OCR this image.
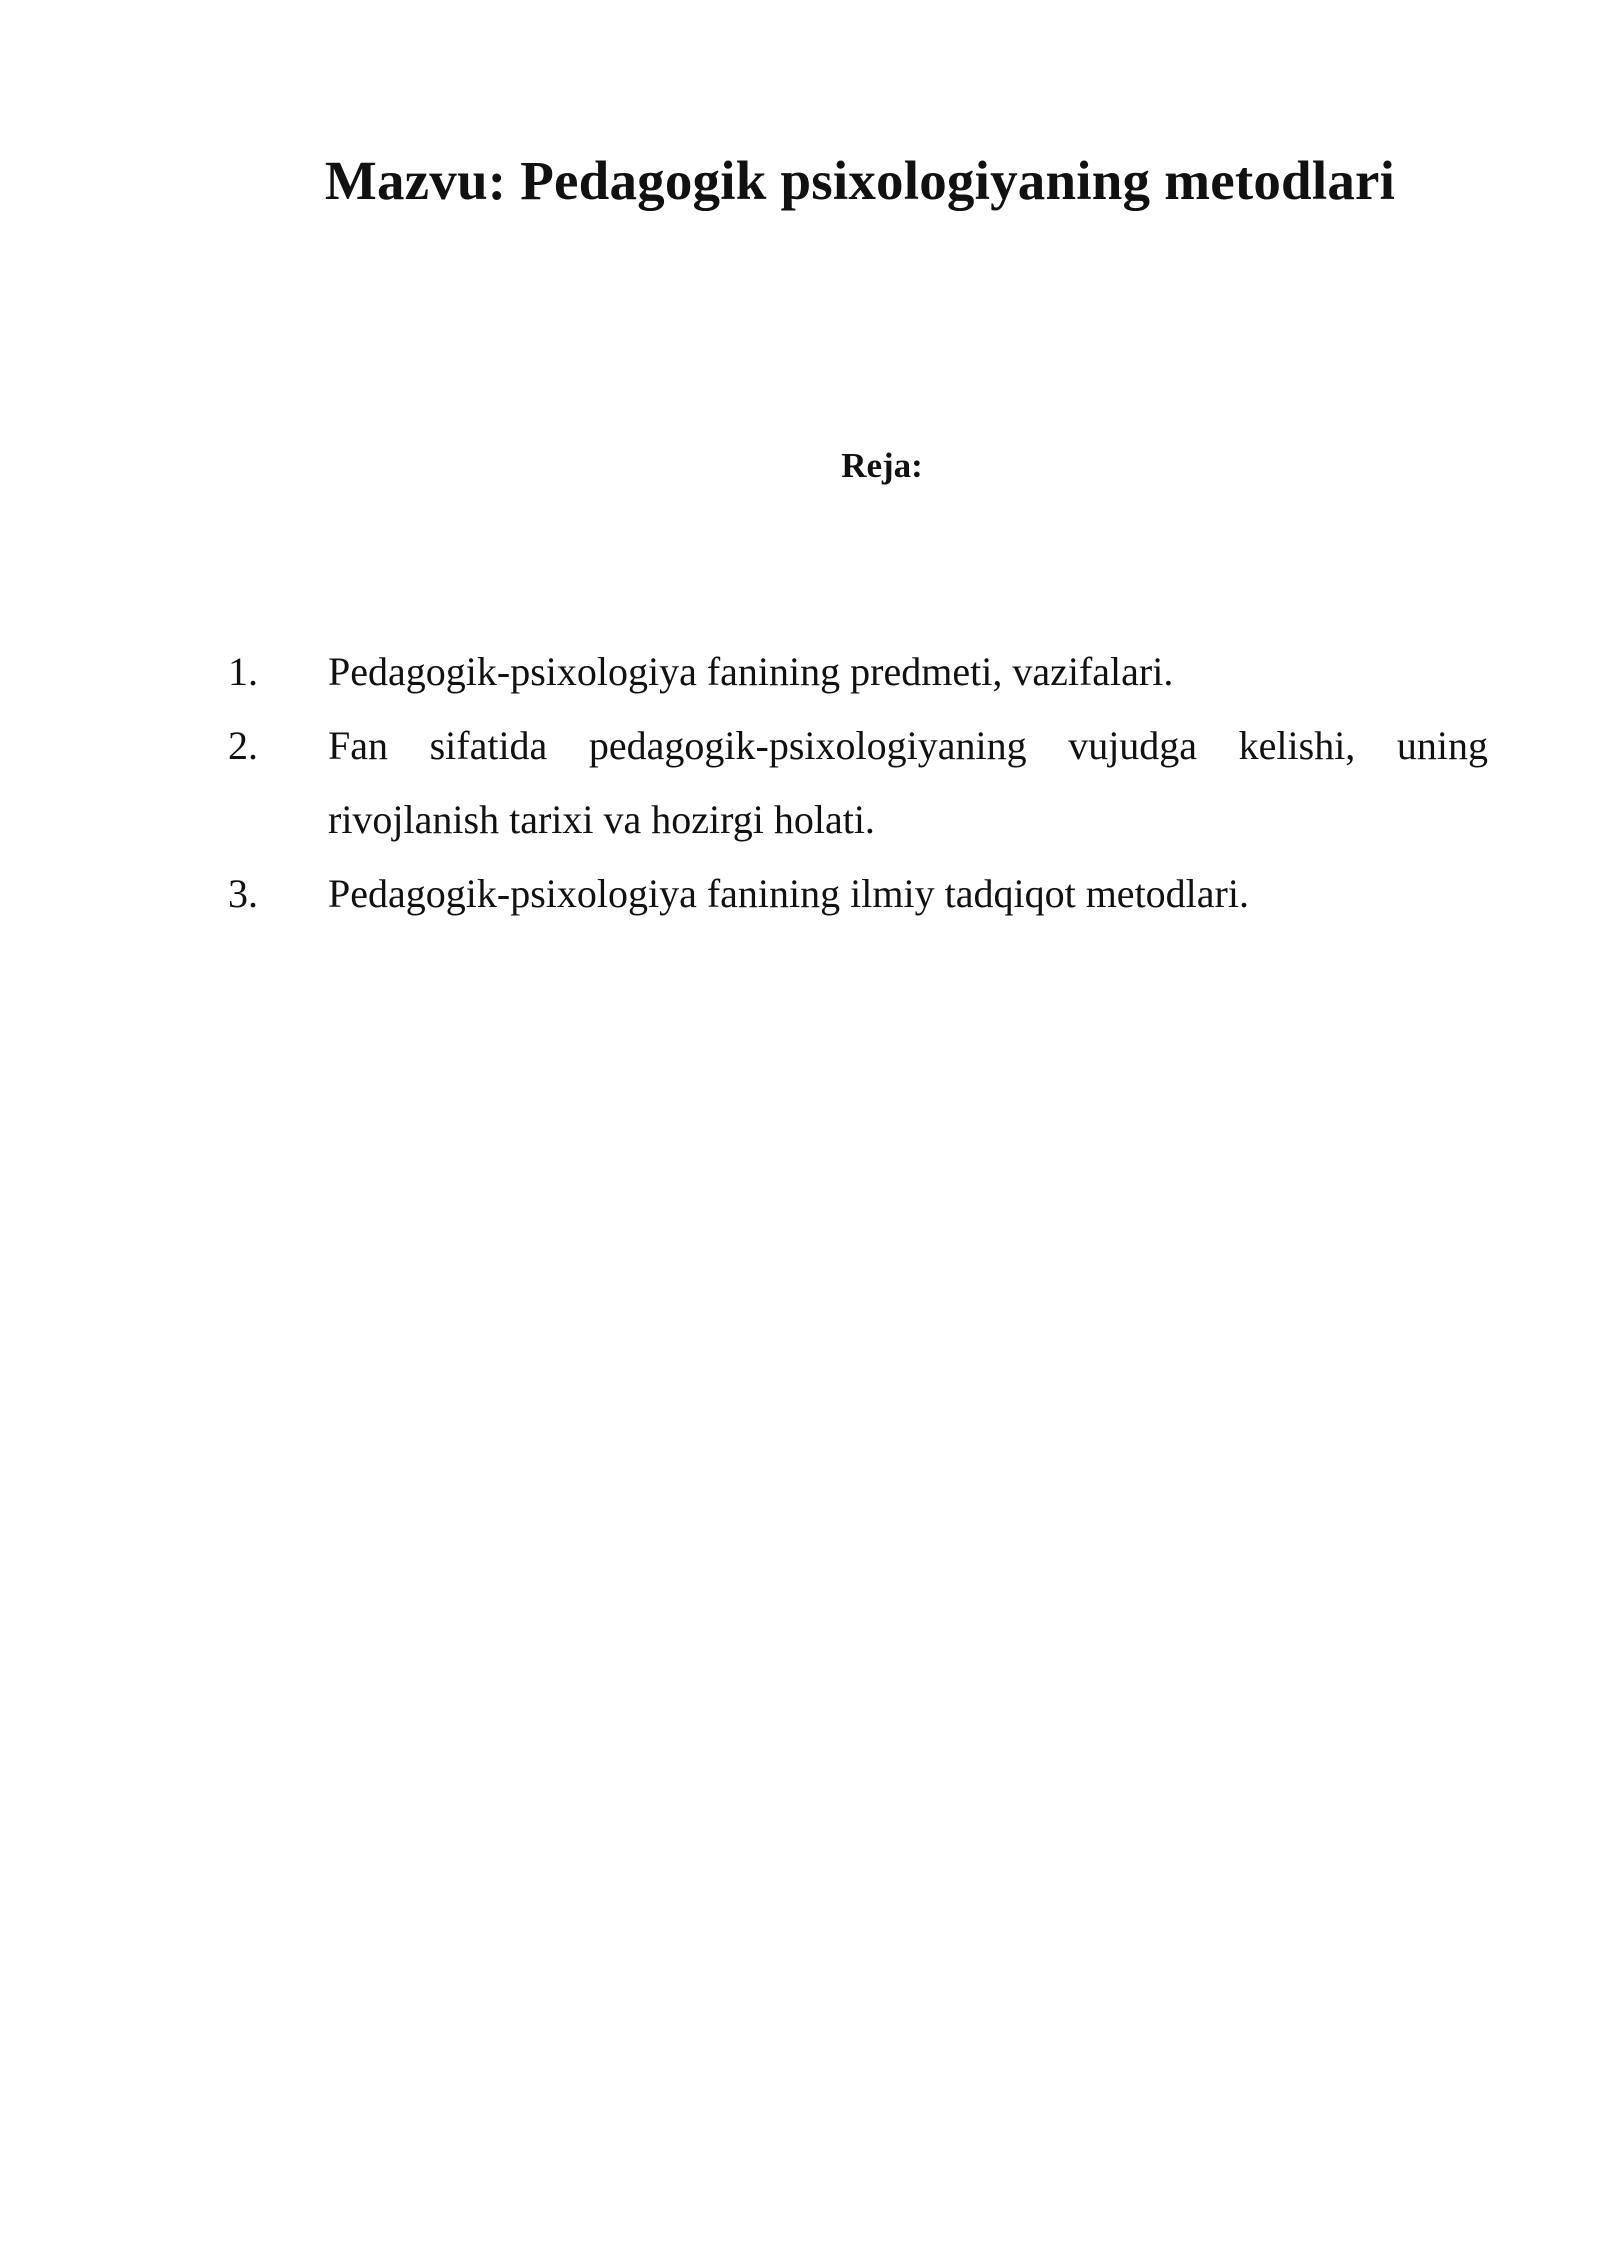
Mazvu: Pedagogik psixologiyaning metodlari
Reja:
1.	Pedagogik-psixologiya fanining predmeti, vazifalari.
2.	Fan sifatida pedagogik-psixologiyaning vujudga kelishi, uning rivojlanish tarixi va hozirgi holati.
3.	Pedagogik-psixologiya fanining ilmiy tadqiqot metodlari.
